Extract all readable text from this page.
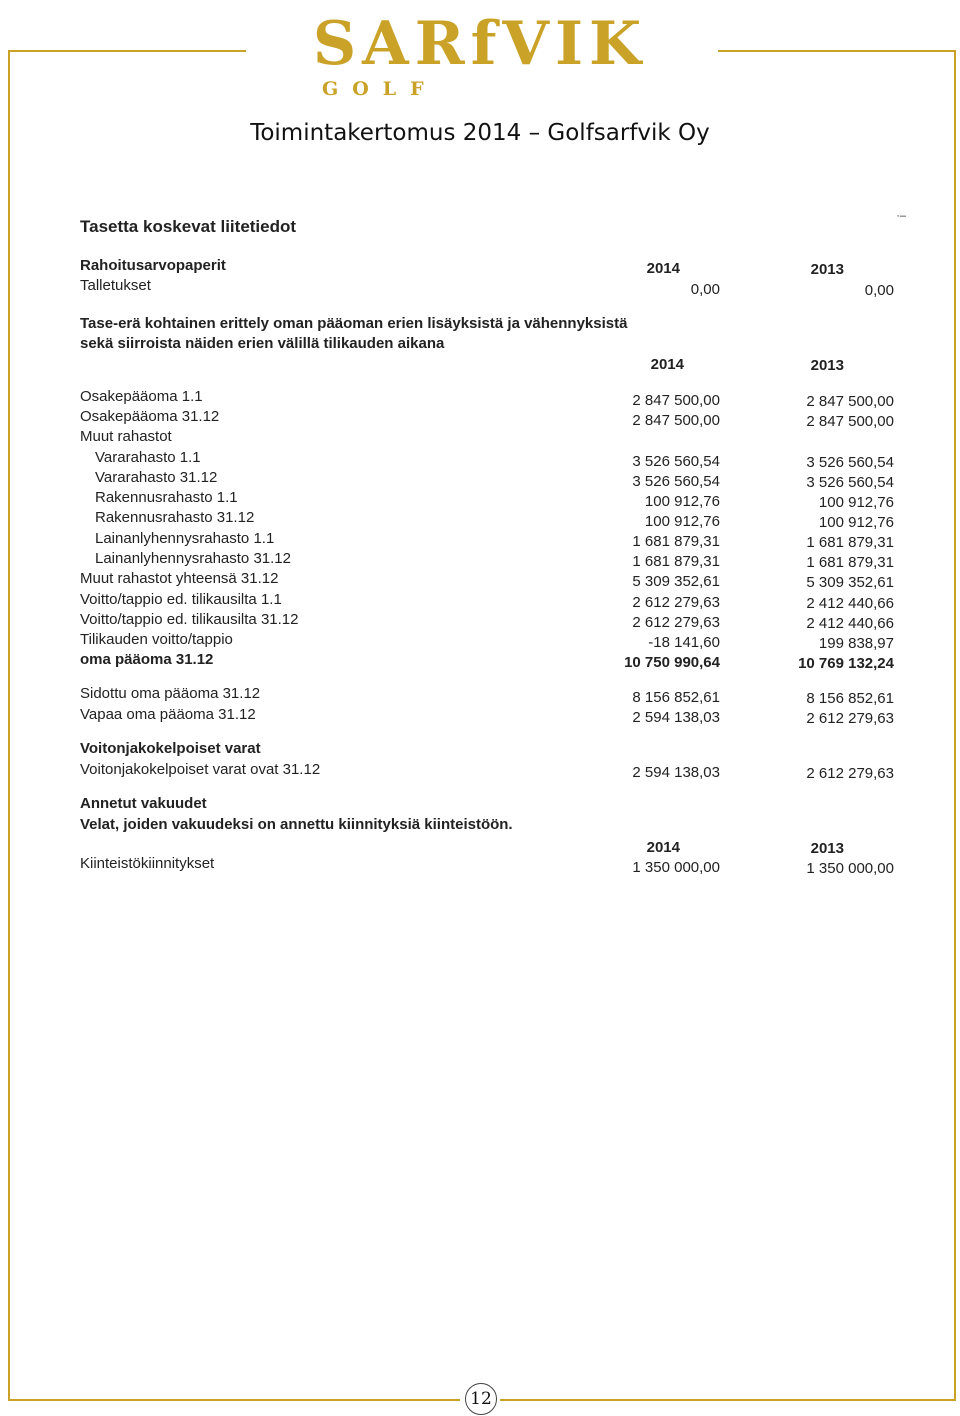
SARfVIK
GOLF
Toimintakertomus 2014 – Golfsarfvik Oy
·–
Tasetta koskevat liitetiedot
Rahoitusarvopaperit	2014	2013
Talletukset	0,00	0,00
Tase-erä kohtainen erittely oman pääoman erien lisäyksistä ja vähennyksistä
sekä siirroista näiden erien välillä tilikauden aikana
2014	2013
Osakepääoma 1.1	2 847 500,00	2 847 500,00
Osakepääoma 31.12	2 847 500,00	2 847 500,00
Muut rahastot
Vararahasto 1.1	3 526 560,54	3 526 560,54
Vararahasto 31.12	3 526 560,54	3 526 560,54
Rakennusrahasto 1.1	100 912,76	100 912,76
Rakennusrahasto 31.12	100 912,76	100 912,76
Lainanlyhennysrahasto 1.1	1 681 879,31	1 681 879,31
Lainanlyhennysrahasto 31.12	1 681 879,31	1 681 879,31
Muut rahastot yhteensä 31.12	5 309 352,61	5 309 352,61
Voitto/tappio ed. tilikausilta 1.1	2 612 279,63	2 412 440,66
Voitto/tappio ed. tilikausilta 31.12	2 612 279,63	2 412 440,66
Tilikauden voitto/tappio	-18 141,60	199 838,97
oma pääoma 31.12	10 750 990,64	10 769 132,24
Sidottu oma pääoma 31.12	8 156 852,61	8 156 852,61
Vapaa oma pääoma 31.12	2 594 138,03	2 612 279,63
Voitonjakokelpoiset varat
Voitonjakokelpoiset varat ovat 31.12	2 594 138,03	2 612 279,63
Annetut vakuudet
Velat, joiden vakuudeksi on annettu kiinnityksiä kiinteistöön.
2014	2013
Kiinteistökiinnitykset	1 350 000,00	1 350 000,00
12
